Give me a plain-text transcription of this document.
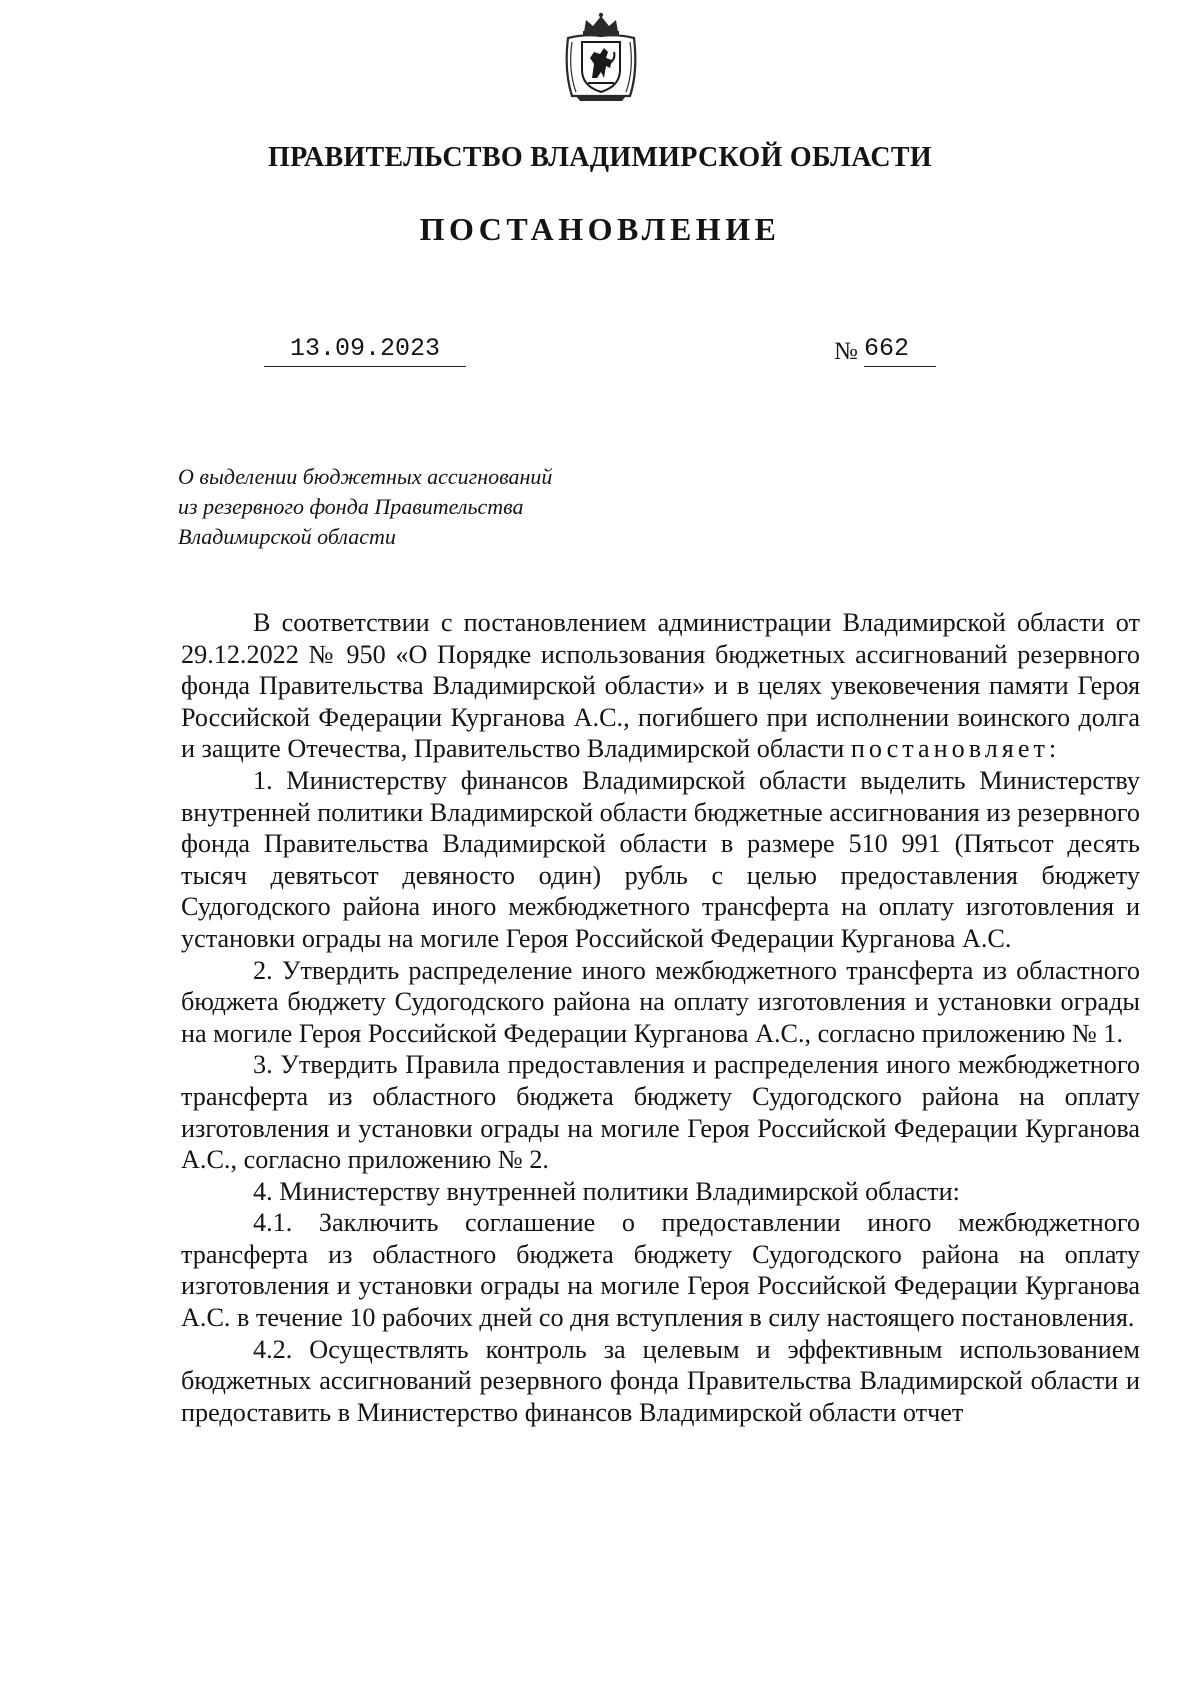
ПРАВИТЕЛЬСТВО ВЛАДИМИРСКОЙ ОБЛАСТИ
ПОСТАНОВЛЕНИЕ
13.09.2023	№ 662
О выделении бюджетных ассигнований
из резервного фонда Правительства
Владимирской области

В соответствии с постановлением администрации Владимирской области от 29.12.2022 № 950 «О Порядке использования бюджетных ассигнований резервного фонда Правительства Владимирской области» и в целях увековечения памяти Героя Российской Федерации Курганова А.С., погибшего при исполнении воинского долга и защите Отечества, Правительство Владимирской области постановляет:

1. Министерству финансов Владимирской области выделить Министерству внутренней политики Владимирской области бюджетные ассигнования из резервного фонда Правительства Владимирской области в размере 510 991 (Пятьсот десять тысяч девятьсот девяносто один) рубль с целью предоставления бюджету Судогодского района иного межбюджетного трансферта на оплату изготовления и установки ограды на могиле Героя Российской Федерации Курганова А.С.

2. Утвердить распределение иного межбюджетного трансферта из областного бюджета бюджету Судогодского района на оплату изготовления и установки ограды на могиле Героя Российской Федерации Курганова А.С., согласно приложению № 1.

3. Утвердить Правила предоставления и распределения иного межбюджетного трансферта из областного бюджета бюджету Судогодского района на оплату изготовления и установки ограды на могиле Героя Российской Федерации Курганова А.С., согласно приложению № 2.

4. Министерству внутренней политики Владимирской области:

4.1. Заключить соглашение о предоставлении иного межбюджетного трансферта из областного бюджета бюджету Судогодского района на оплату изготовления и установки ограды на могиле Героя Российской Федерации Курганова А.С. в течение 10 рабочих дней со дня вступления в силу настоящего постановления.

4.2. Осуществлять контроль за целевым и эффективным использованием бюджетных ассигнований резервного фонда Правительства Владимирской области и предоставить в Министерство финансов Владимирской области отчет
